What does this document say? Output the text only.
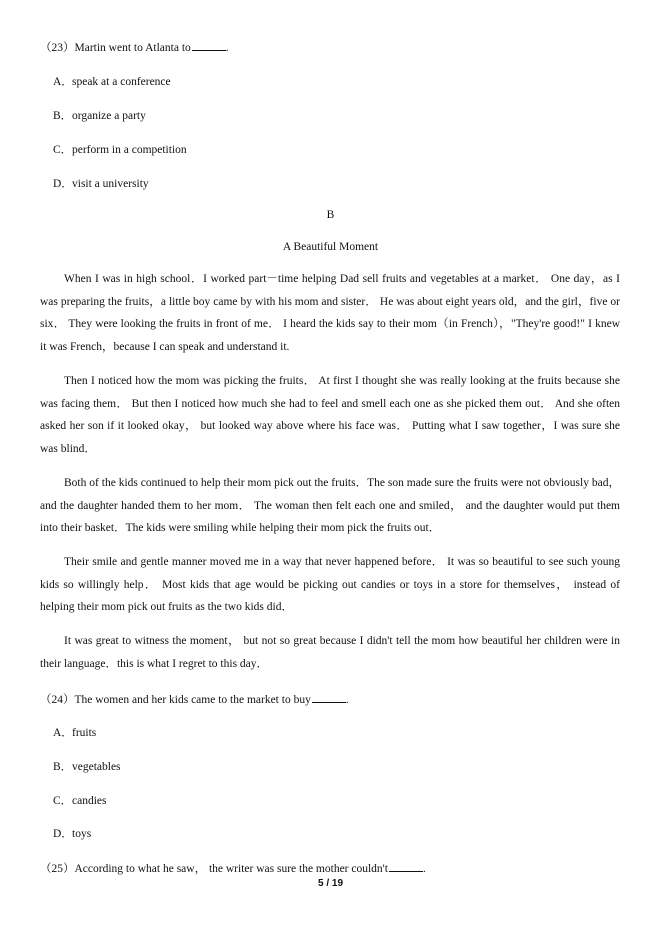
（23）Martin went to Atlanta to	.
A．speak at a conference
B．organize a party
C．perform in a competition
D．visit a university
B
A Beautiful Moment

When I was in high school．I worked part－time helping Dad sell fruits and vegetables at a market． One day，as I was preparing the fruits，a little boy came by with his mom and sister． He was about eight years old，and the girl，five or six． They were looking the fruits in front of me． I heard the kids say to their mom（in French），"They're good!" I knew it was French，because I can speak and understand it.

Then I noticed how the mom was picking the fruits． At first I thought she was really looking at the fruits because she was facing them． But then I noticed how much she had to feel and smell each one as she picked them out． And she often asked her son if it looked okay， but looked way above where his face was． Putting what I saw together，I was sure she was blind．

Both of the kids continued to help their mom pick out the fruits．The son made sure the fruits were not obviously bad， and the daughter handed them to her mom． The woman then felt each one and smiled， and the daughter would put them into their basket．The kids were smiling while helping their mom pick the fruits out．

Their smile and gentle manner moved me in a way that never happened before． It was so beautiful to see such young kids so willingly help． Most kids that age would be picking out candies or toys in a store for themselves， instead of helping their mom pick out fruits as the two kids did．

It was great to witness the moment， but not so great because I didn't tell the mom how beautiful her children were in their language．this is what I regret to this day．

（24）The women and her kids came to the market to buy	.
A．fruits
B．vegetables
C．candies
D．toys
（25）According to what he saw， the writer was sure the mother couldn't	.
5 / 19
